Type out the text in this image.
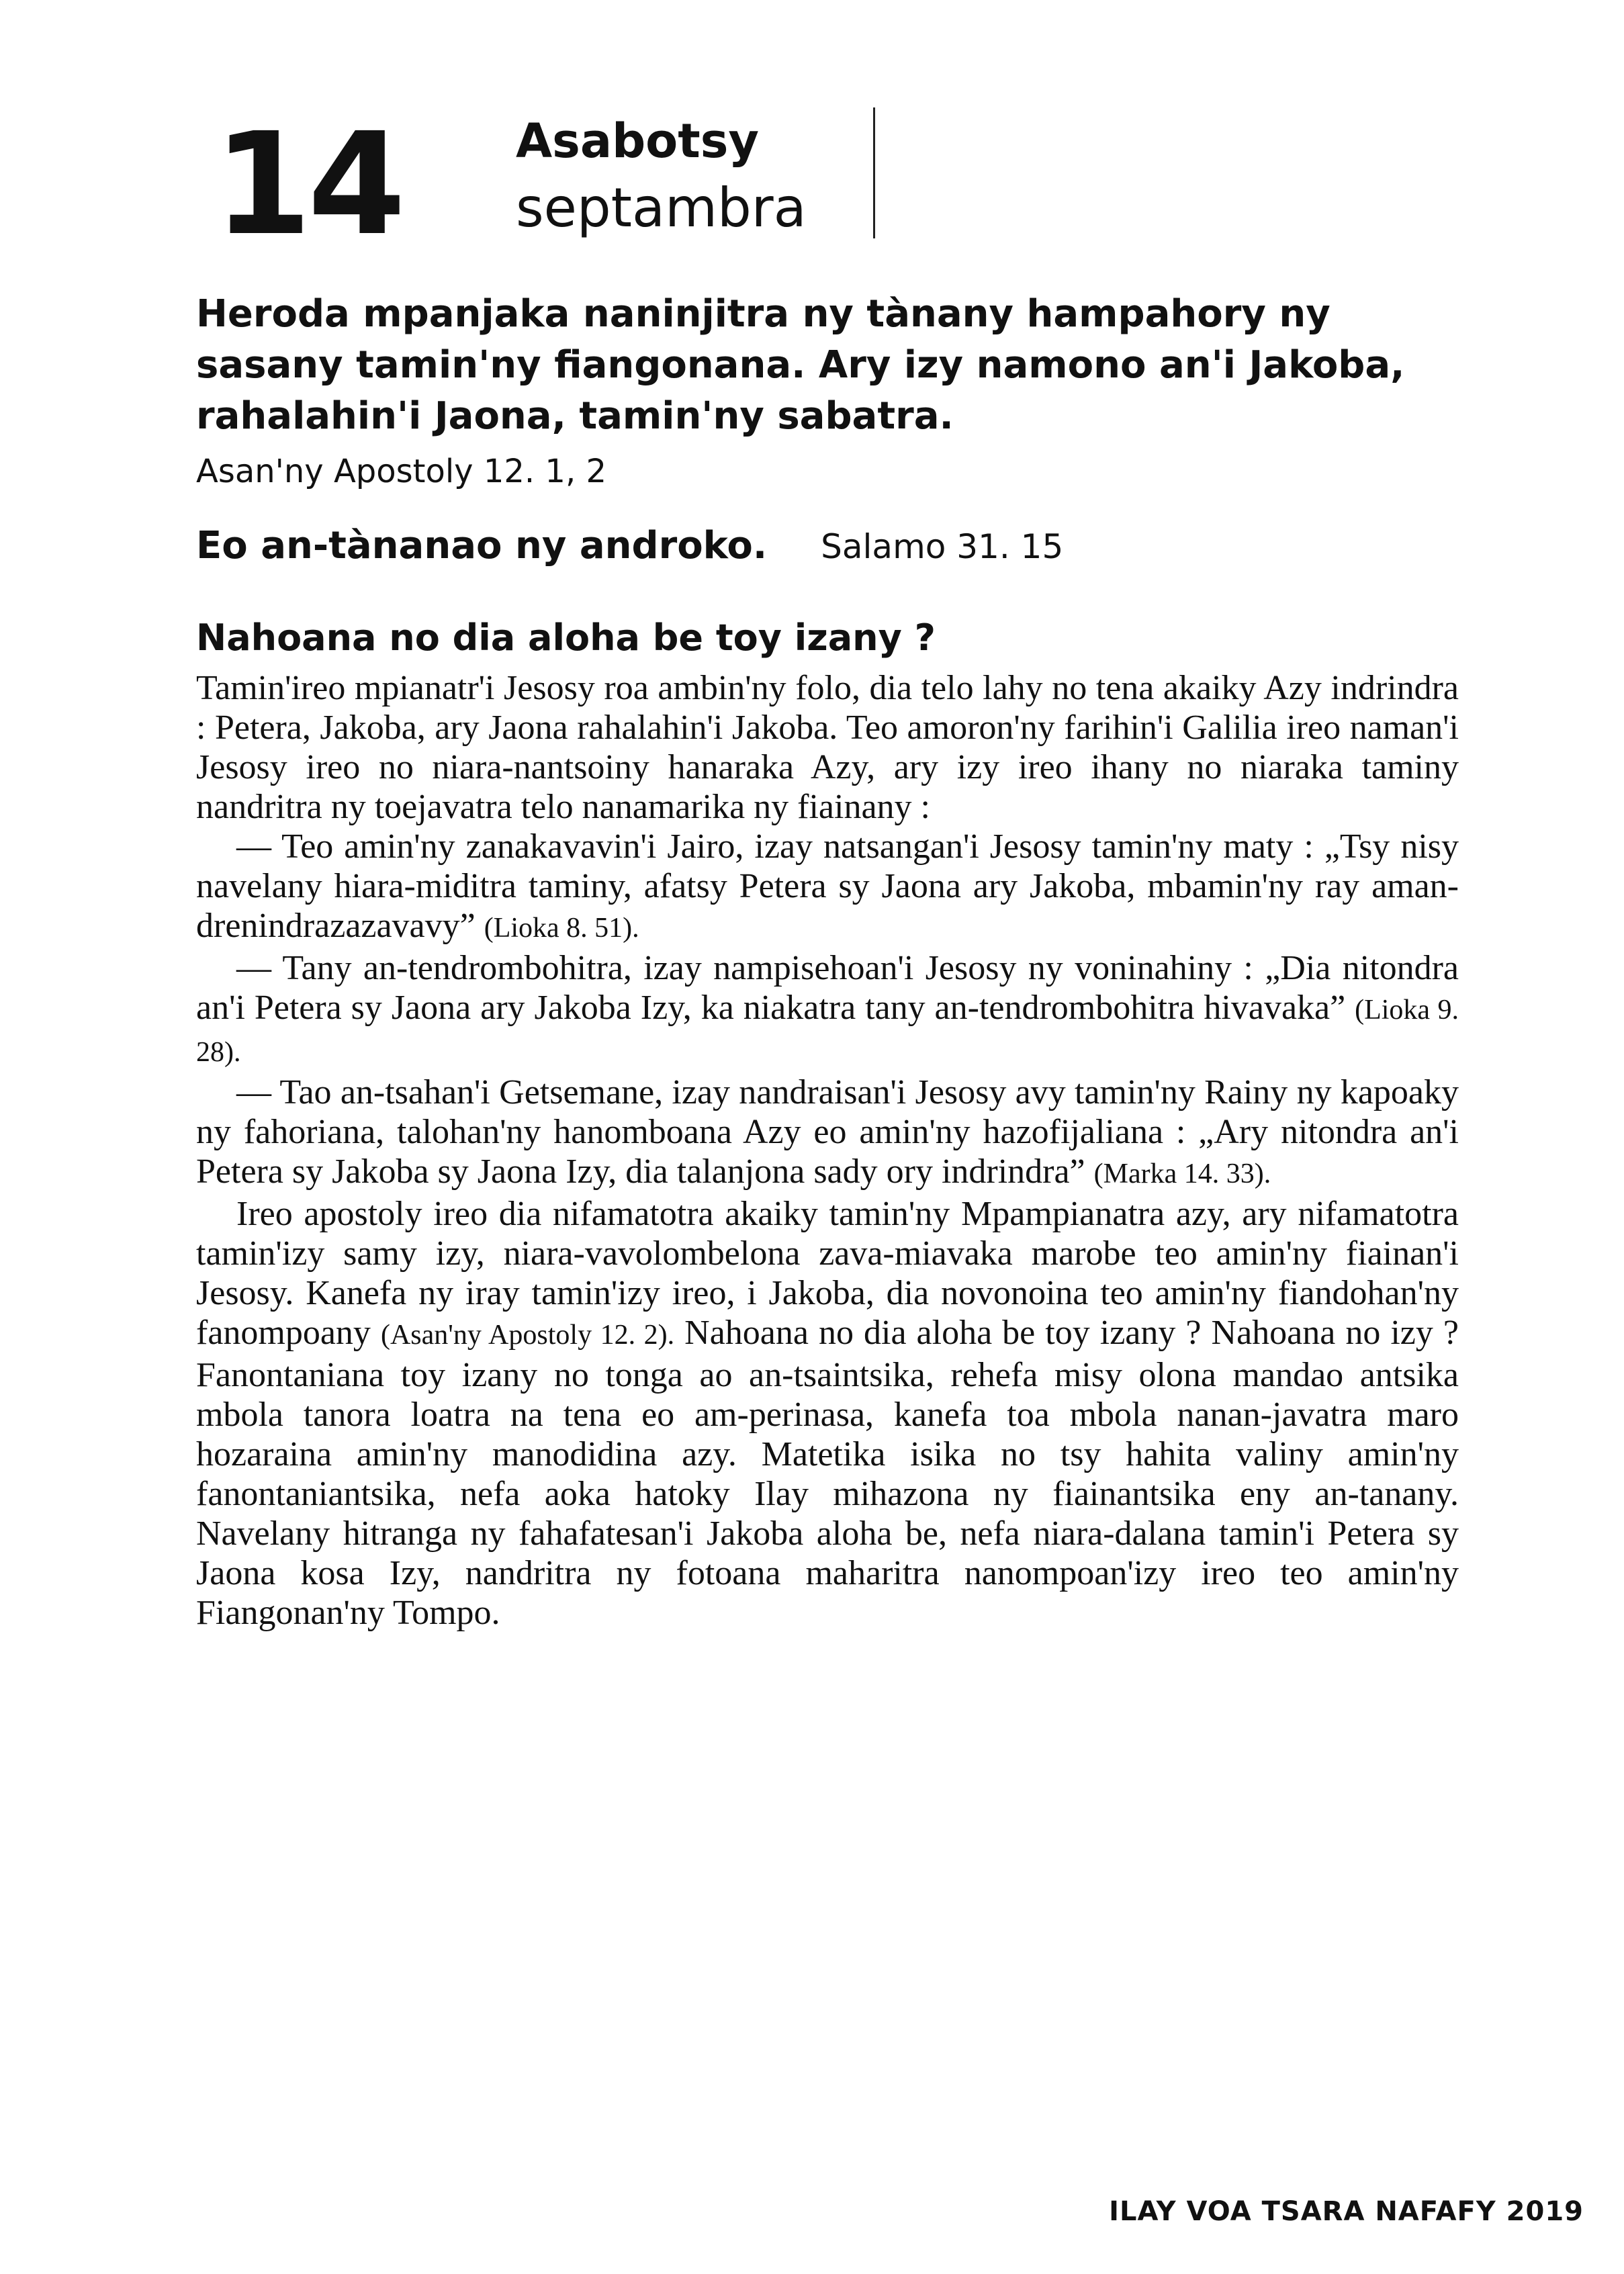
14 Asabotsy
septambra
Heroda mpanjaka naninjitra ny tànany hampahory ny sasany tamin'ny fiangonana. Ary izy namono an'i Jakoba, rahalahin'i Jaona, tamin'ny sabatra.
Asan'ny Apostoly 12. 1, 2
Eo an-tànanao ny androko. Salamo 31. 15
Nahoana no dia aloha be toy izany ?

Tamin'ireo mpianatr'i Jesosy roa ambin'ny folo, dia telo lahy no tena akaiky Azy indrindra : Petera, Jakoba, ary Jaona rahalahin'i Jakoba. Teo amoron'ny farihin'i Galilia ireo naman'i Jesosy ireo no niara-nantsoiny hanaraka Azy, ary izy ireo ihany no niaraka taminy nandritra ny toejavatra telo nanamarika ny fiainany :

— Teo amin'ny zanakavavin'i Jairo, izay natsangan'i Jesosy tamin'ny maty : „Tsy nisy navelany hiara-miditra taminy, afatsy Petera sy Jaona ary Jakoba, mbamin'ny ray aman-drenindrazazavavy” (Lioka 8. 51).

— Tany an-tendrombohitra, izay nampisehoan'i Jesosy ny voninahiny : „Dia nitondra an'i Petera sy Jaona ary Jakoba Izy, ka niakatra tany an-tendrombohitra hivavaka” (Lioka 9. 28).

— Tao an-tsahan'i Getsemane, izay nandraisan'i Jesosy avy tamin'ny Rainy ny kapoaky ny fahoriana, talohan'ny hanomboana Azy eo amin'ny hazofijaliana : „Ary nitondra an'i Petera sy Jakoba sy Jaona Izy, dia talanjona sady ory indrindra” (Marka 14. 33).

Ireo apostoly ireo dia nifamatotra akaiky tamin'ny Mpampianatra azy, ary nifamatotra tamin'izy samy izy, niara-vavolombelona zava-miavaka marobe teo amin'ny fiainan'i Jesosy. Kanefa ny iray tamin'izy ireo, i Jakoba, dia novonoina teo amin'ny fiandohan'ny fanompoany (Asan'ny Apostoly 12. 2). Nahoana no dia aloha be toy izany ? Nahoana no izy ? Fanontaniana toy izany no tonga ao an-tsaintsika, rehefa misy olona mandao antsika mbola tanora loatra na tena eo am-perinasa, kanefa toa mbola nanan-javatra maro hozaraina amin'ny manodidina azy. Matetika isika no tsy hahita valiny amin'ny fanontaniantsika, nefa aoka hatoky Ilay mihazona ny fiainantsika eny an-tanany. Navelany hitranga ny fahafatesan'i Jakoba aloha be, nefa niara-dalana tamin'i Petera sy Jaona kosa Izy, nandritra ny fotoana maharitra nanompoan'izy ireo teo amin'ny Fiangonan'ny Tompo.

ILAY VOA TSARA NAFAFY 2019
